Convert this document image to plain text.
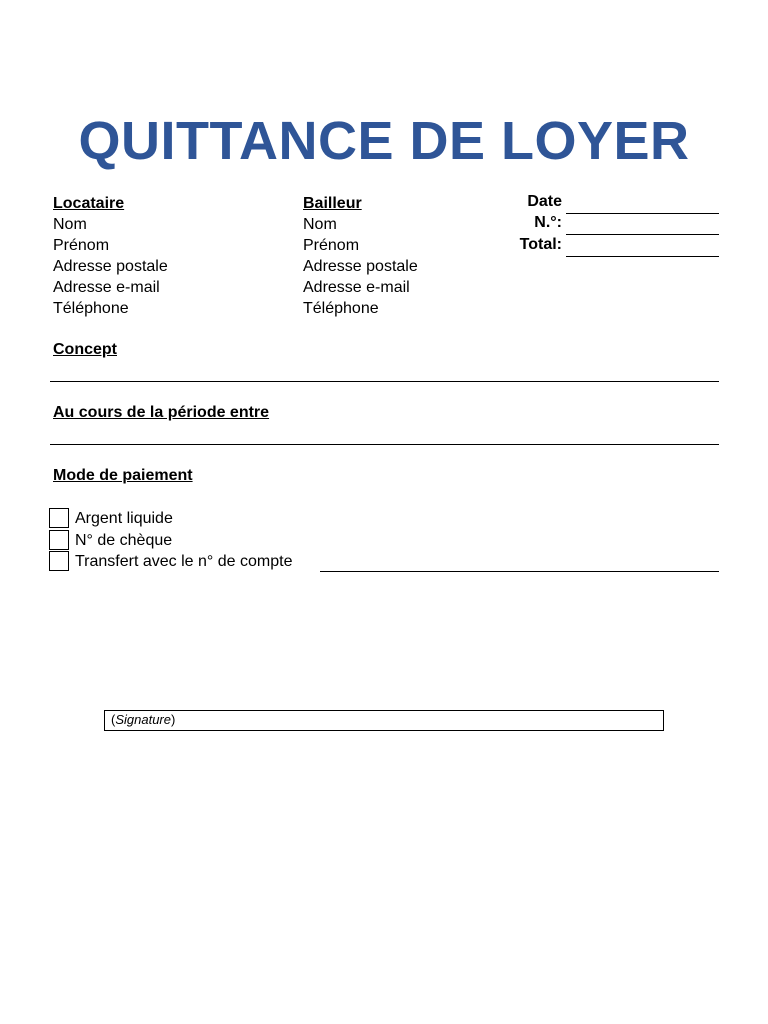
QUITTANCE DE LOYER
Locataire
Nom
Prénom
Adresse postale
Adresse e-mail
Téléphone
Bailleur
Nom
Prénom
Adresse postale
Adresse e-mail
Téléphone
Date
N.°:
Total:
Concept
Au cours de la période entre
Mode de paiement
Argent liquide
N° de chèque
Transfert avec le n° de compte
(Signature)
